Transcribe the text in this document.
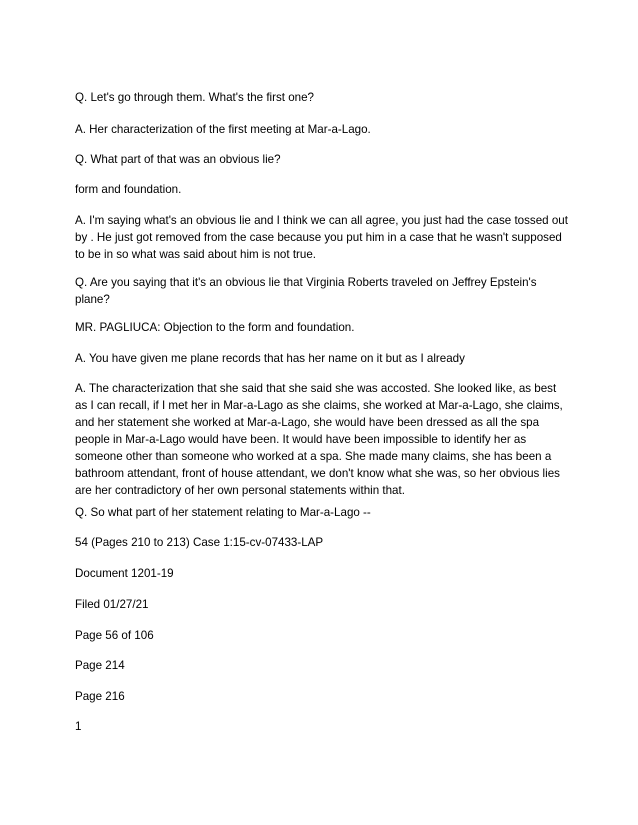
Q. Let's go through them. What's the first one?

A. Her characterization of the first meeting at Mar-a-Lago.

Q. What part of that was an obvious lie?

form and foundation.

A. I'm saying what's an obvious lie and I think we can all agree, you just had the case tossed out by . He just got removed from the case because you put him in a case that he wasn't supposed to be in so what was said about him is not true.

Q. Are you saying that it's an obvious lie that Virginia Roberts traveled on Jeffrey Epstein's plane?

MR. PAGLIUCA: Objection to the form and foundation.

A. You have given me plane records that has her name on it but as I already

A. The characterization that she said that she said she was accosted. She looked like, as best as I can recall, if I met her in Mar-a-Lago as she claims, she worked at Mar-a-Lago, she claims, and her statement she worked at Mar-a-Lago, she would have been dressed as all the spa people in Mar-a-Lago would have been. It would have been impossible to identify her as someone other than someone who worked at a spa. She made many claims, she has been a bathroom attendant, front of house attendant, we don't know what she was, so her obvious lies are her contradictory of her own personal statements within that.

Q. So what part of her statement relating to Mar-a-Lago --

54 (Pages 210 to 213) Case 1:15-cv-07433-LAP

Document 1201-19

Filed 01/27/21

Page 56 of 106

Page 214

Page 216

1
